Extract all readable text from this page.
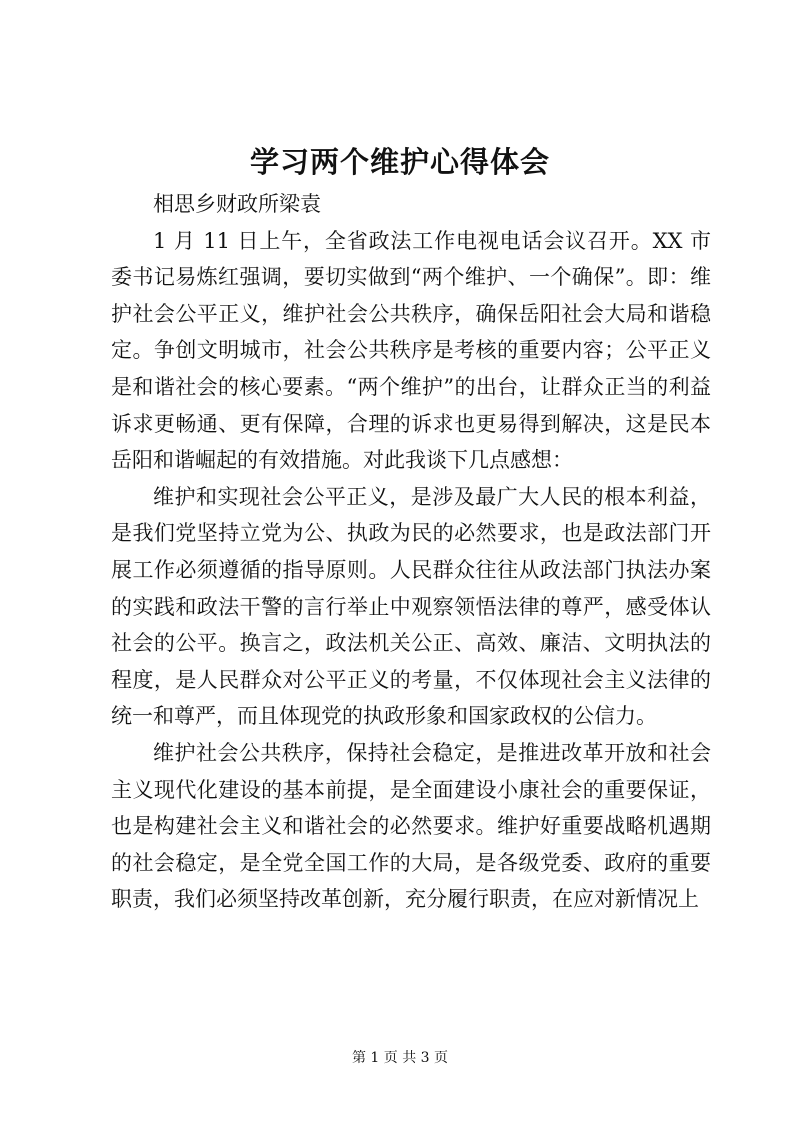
学习两个维护心得体会

相思乡财政所梁袁

1 月 11 日上午，全省政法工作电视电话会议召开。XX 市委书记易炼红强调，要切实做到“两个维护、一个确保”。即：维护社会公平正义，维护社会公共秩序，确保岳阳社会大局和谐稳定。争创文明城市，社会公共秩序是考核的重要内容；公平正义是和谐社会的核心要素。“两个维护”的出台，让群众正当的利益诉求更畅通、更有保障，合理的诉求也更易得到解决，这是民本岳阳和谐崛起的有效措施。对此我谈下几点感想：

维护和实现社会公平正义，是涉及最广大人民的根本利益，是我们党坚持立党为公、执政为民的必然要求，也是政法部门开展工作必须遵循的指导原则。人民群众往往从政法部门执法办案的实践和政法干警的言行举止中观察领悟法律的尊严，感受体认社会的公平。换言之，政法机关公正、高效、廉洁、文明执法的程度，是人民群众对公平正义的考量，不仅体现社会主义法律的统一和尊严，而且体现党的执政形象和国家政权的公信力。

维护社会公共秩序，保持社会稳定，是推进改革开放和社会主义现代化建设的基本前提，是全面建设小康社会的重要保证，也是构建社会主义和谐社会的必然要求。维护好重要战略机遇期的社会稳定，是全党全国工作的大局，是各级党委、政府的重要职责，我们必须坚持改革创新，充分履行职责，在应对新情况上

第 1 页 共 3 页
